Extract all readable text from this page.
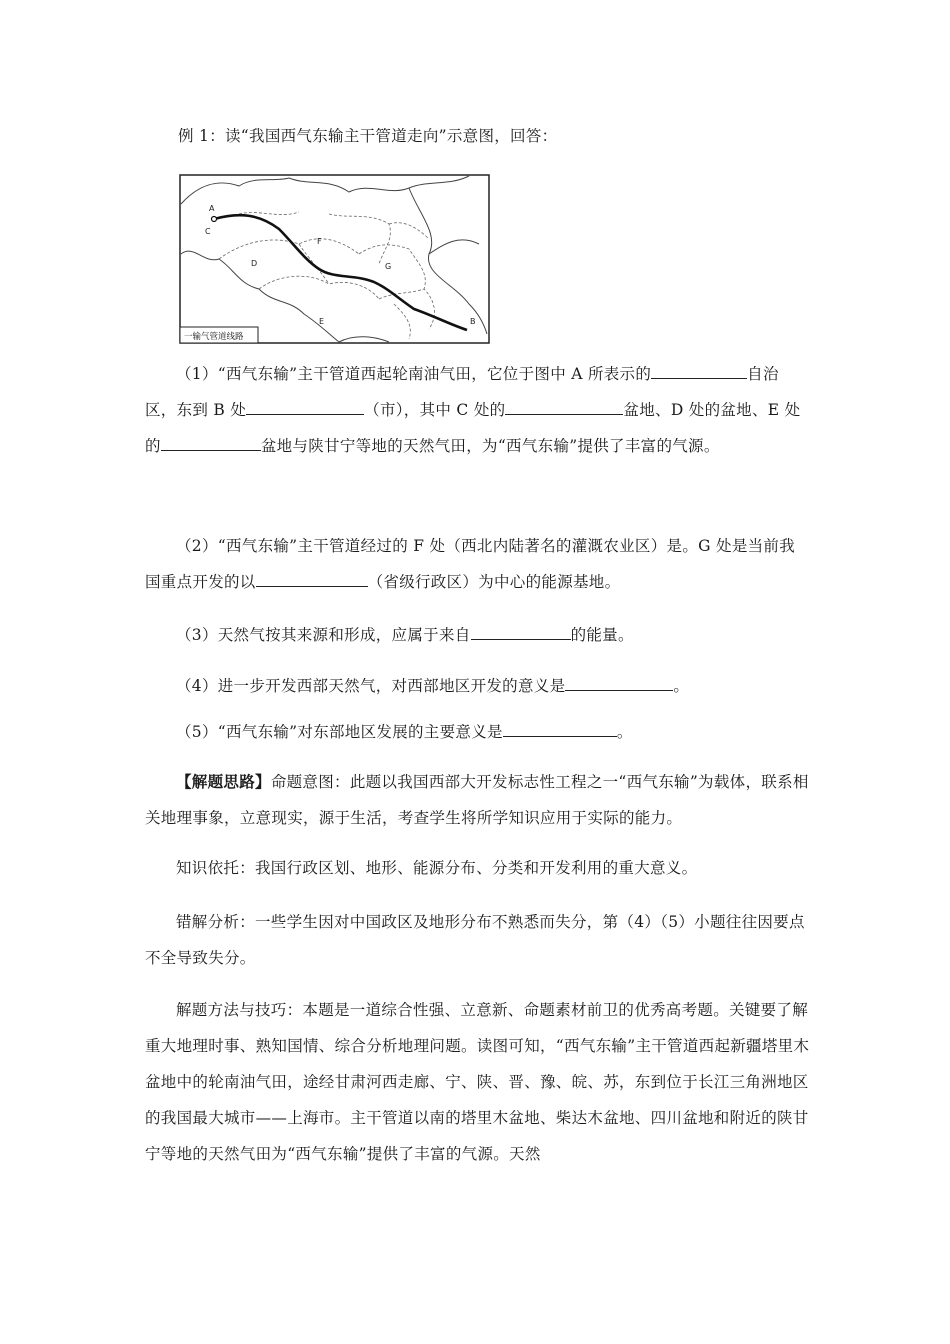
例 1：读“我国西气东输主干管道走向”示意图，回答：
A
C
D
F
G
E	B
一输气管道线路
（1）“西气东输”主干管道西起轮南油气田，它位于图中 A 所表示的	自治区，东到 B 处	（市），其中 C 处的	盆地、D 处的盆地、E 处的	盆地与陕甘宁等地的天然气田，为“西气东输”提供了丰富的气源。
（2）“西气东输”主干管道经过的 F 处（西北内陆著名的灌溉农业区）是。G 处是当前我国重点开发的以	（省级行政区）为中心的能源基地。
（3）天然气按其来源和形成，应属于来自	的能量。
（4）进一步开发西部天然气，对西部地区开发的意义是	。
（5）“西气东输”对东部地区发展的主要意义是	。
【解题思路】命题意图：此题以我国西部大开发标志性工程之一“西气东输”为载体，联系相关地理事象，立意现实，源于生活，考查学生将所学知识应用于实际的能力。
知识依托：我国行政区划、地形、能源分布、分类和开发利用的重大意义。
错解分析：一些学生因对中国政区及地形分布不熟悉而失分，第（4）（5）小题往往因要点不全导致失分。
解题方法与技巧：本题是一道综合性强、立意新、命题素材前卫的优秀高考题。关键要了解重大地理时事、熟知国情、综合分析地理问题。读图可知，“西气东输”主干管道西起新疆塔里木盆地中的轮南油气田，途经甘肃河西走廊、宁、陕、晋、豫、皖、苏，东到位于长江三角洲地区的我国最大城市——上海市。主干管道以南的塔里木盆地、柴达木盆地、四川盆地和附近的陕甘宁等地的天然气田为“西气东输”提供了丰富的气源。天然
